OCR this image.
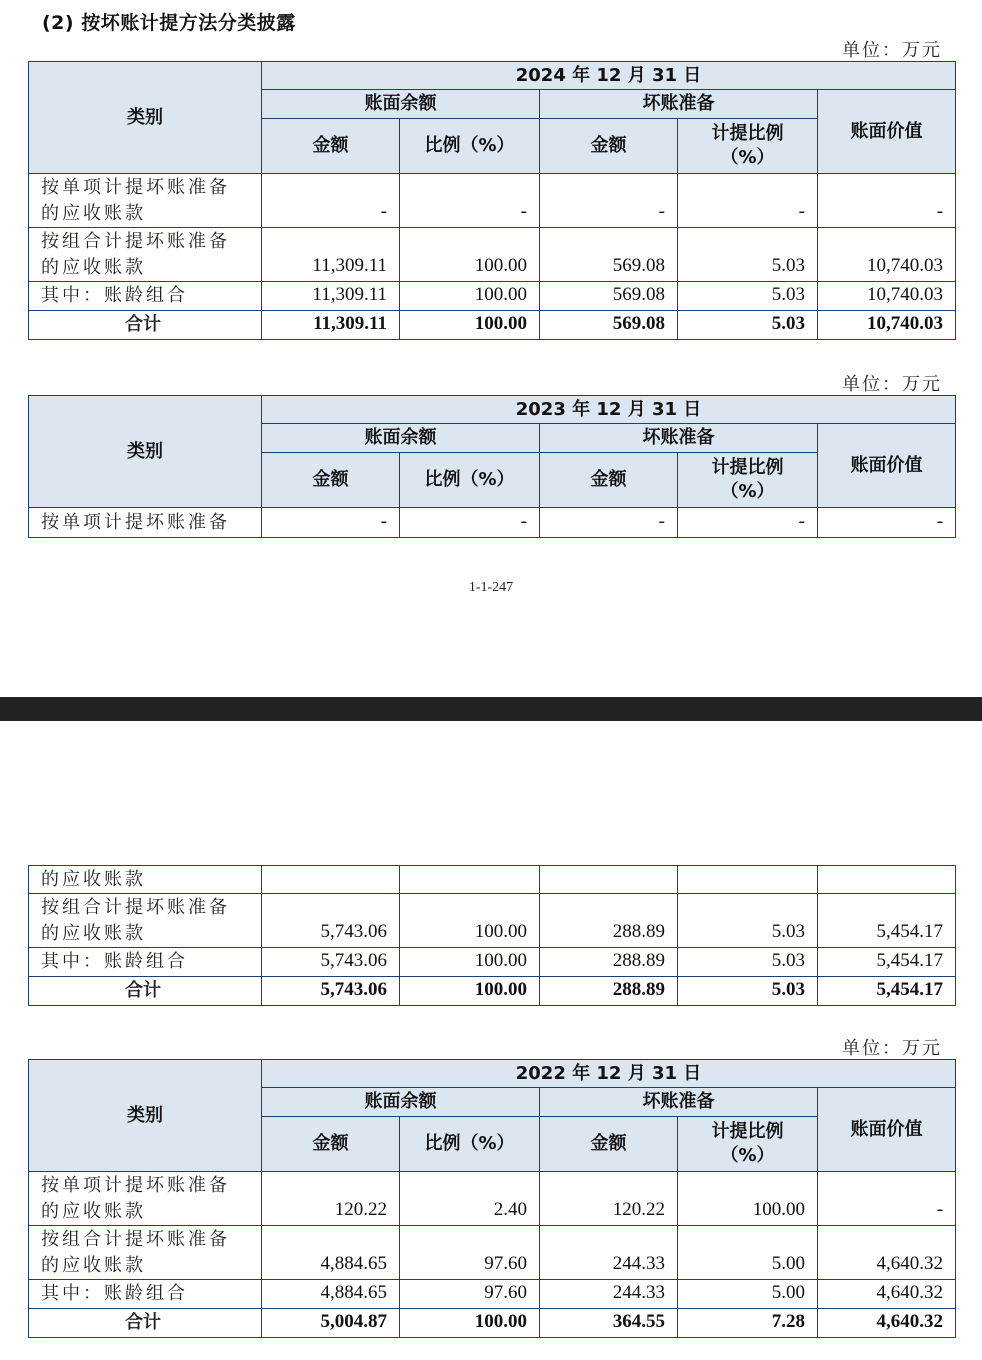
(2) 按坏账计提方法分类披露
单位：万元
类别	2024 年 12 月 31 日				
	账面余额		坏账准备		账面价值
	金额	比例（%）	金额	计提比例
（%）	
按单项计提坏账准备
的应收账款	-	-	-	-	-
按组合计提坏账准备
的应收账款	11,309.11	100.00	569.08	5.03	10,740.03
其中：账龄组合	11,309.11	100.00	569.08	5.03	10,740.03
合计	11,309.11	100.00	569.08	5.03	10,740.03
单位：万元
类别	2023 年 12 月 31 日				
	账面余额		坏账准备		账面价值
	金额	比例（%）	金额	计提比例
（%）	
按单项计提坏账准备	-	-	-	-	-
1-1-247
的应收账款					
按组合计提坏账准备
的应收账款	5,743.06	100.00	288.89	5.03	5,454.17
其中：账龄组合	5,743.06	100.00	288.89	5.03	5,454.17
合计	5,743.06	100.00	288.89	5.03	5,454.17
单位：万元
类别	2022 年 12 月 31 日				
	账面余额		坏账准备		账面价值
	金额	比例（%）	金额	计提比例
（%）	
按单项计提坏账准备
的应收账款	120.22	2.40	120.22	100.00	-
按组合计提坏账准备
的应收账款	4,884.65	97.60	244.33	5.00	4,640.32
其中：账龄组合	4,884.65	97.60	244.33	5.00	4,640.32
合计	5,004.87	100.00	364.55	7.28	4,640.32
